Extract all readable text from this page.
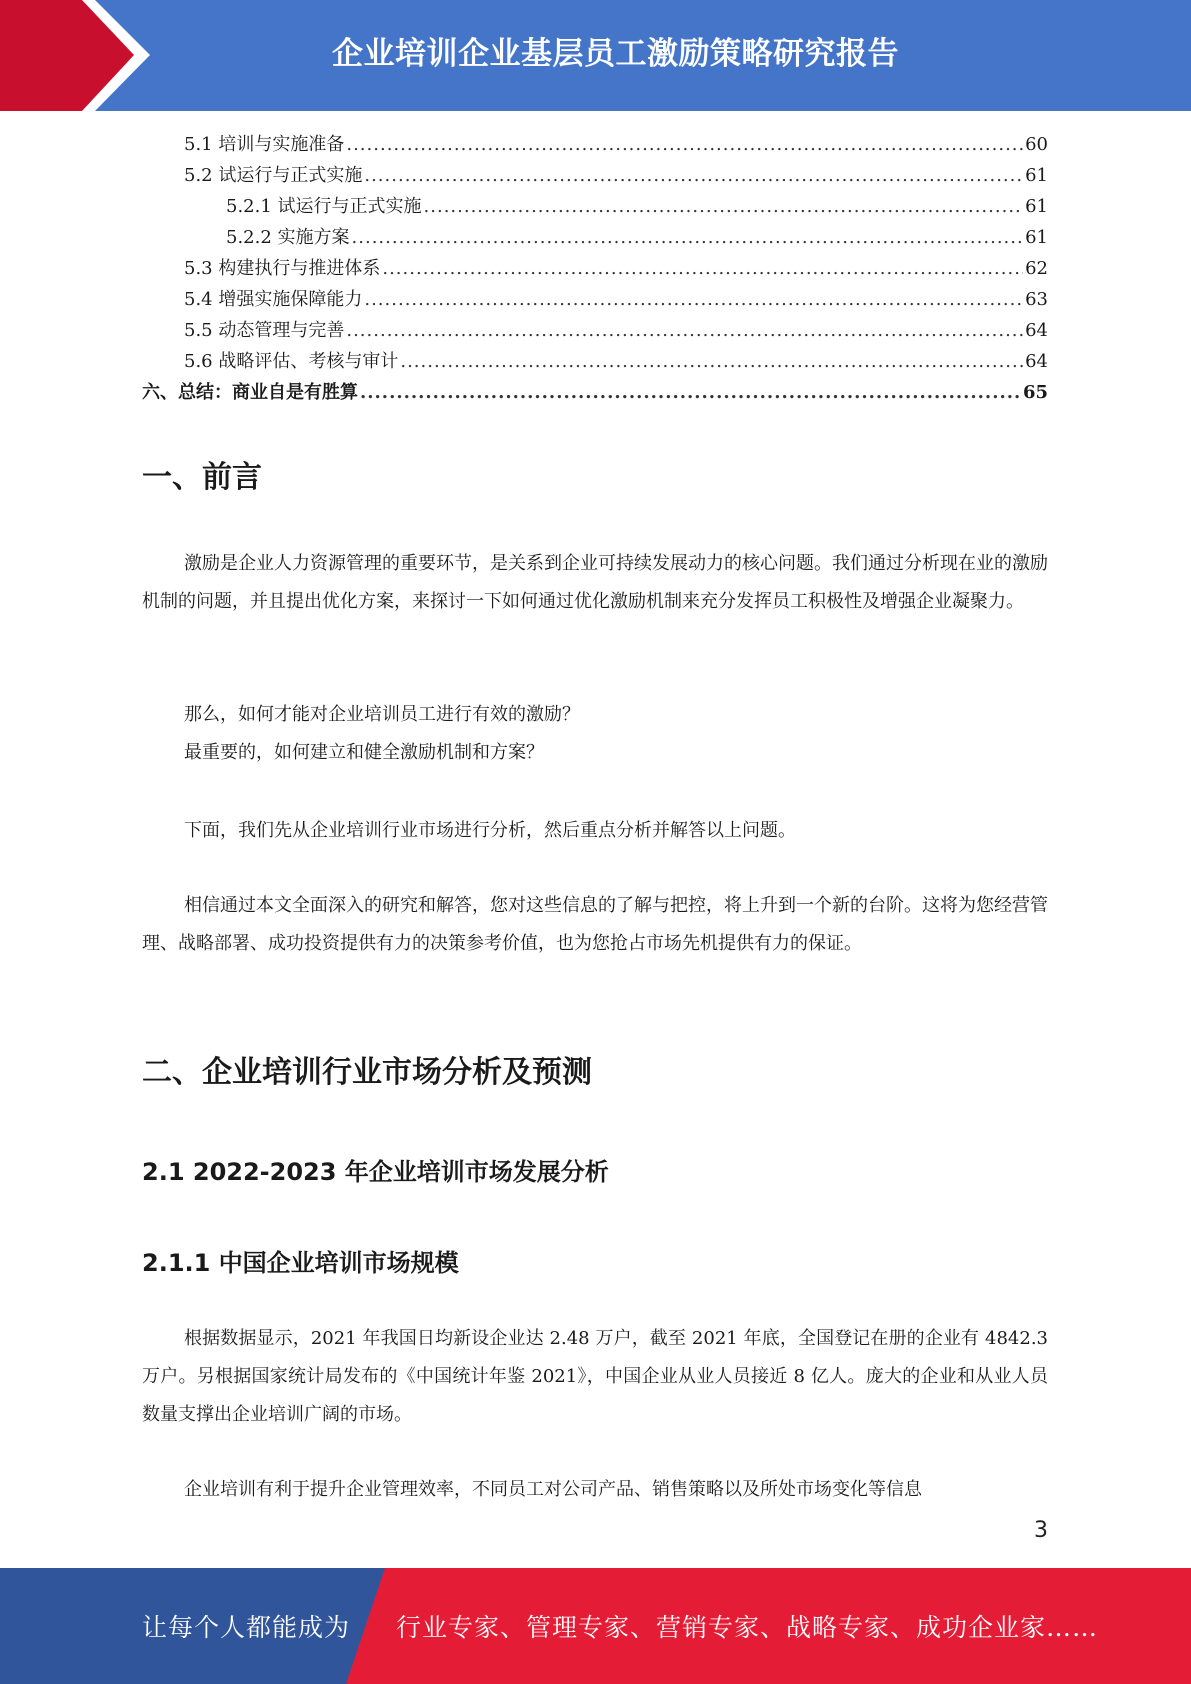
企业培训企业基层员工激励策略研究报告
5.1 培训与实施准备 .....	60
5.2 试运行与正式实施 .....	61
5.2.1 试运行与正式实施 .....	61
5.2.2 实施方案 .....	61
5.3 构建执行与推进体系 .....	62
5.4 增强实施保障能力 .....	63
5.5 动态管理与完善 .....	64
5.6 战略评估、考核与审计 .....	64
六、总结：商业自是有胜算 .....	65
一、前言

激励是企业人力资源管理的重要环节，是关系到企业可持续发展动力的核心问题。我们通过分析现在业的激励机制的问题，并且提出优化方案，来探讨一下如何通过优化激励机制来充分发挥员工积极性及增强企业凝聚力。

那么，如何才能对企业培训员工进行有效的激励？

最重要的，如何建立和健全激励机制和方案？

下面，我们先从企业培训行业市场进行分析，然后重点分析并解答以上问题。

相信通过本文全面深入的研究和解答，您对这些信息的了解与把控，将上升到一个新的台阶。这将为您经营管理、战略部署、成功投资提供有力的决策参考价值，也为您抢占市场先机提供有力的保证。

二、企业培训行业市场分析及预测
2.1 2022-2023 年企业培训市场发展分析
2.1.1 中国企业培训市场规模

根据数据显示，2021 年我国日均新设企业达 2.48 万户，截至 2021 年底，全国登记在册的企业有 4842.3 万户。另根据国家统计局发布的《中国统计年鉴 2021》，中国企业从业人员接近 8 亿人。庞大的企业和从业人员数量支撑出企业培训广阔的市场。

企业培训有利于提升企业管理效率，不同员工对公司产品、销售策略以及所处市场变化等信息

3
让每个人都能成为 行业专家、管理专家、营销专家、战略专家、成功企业家……
